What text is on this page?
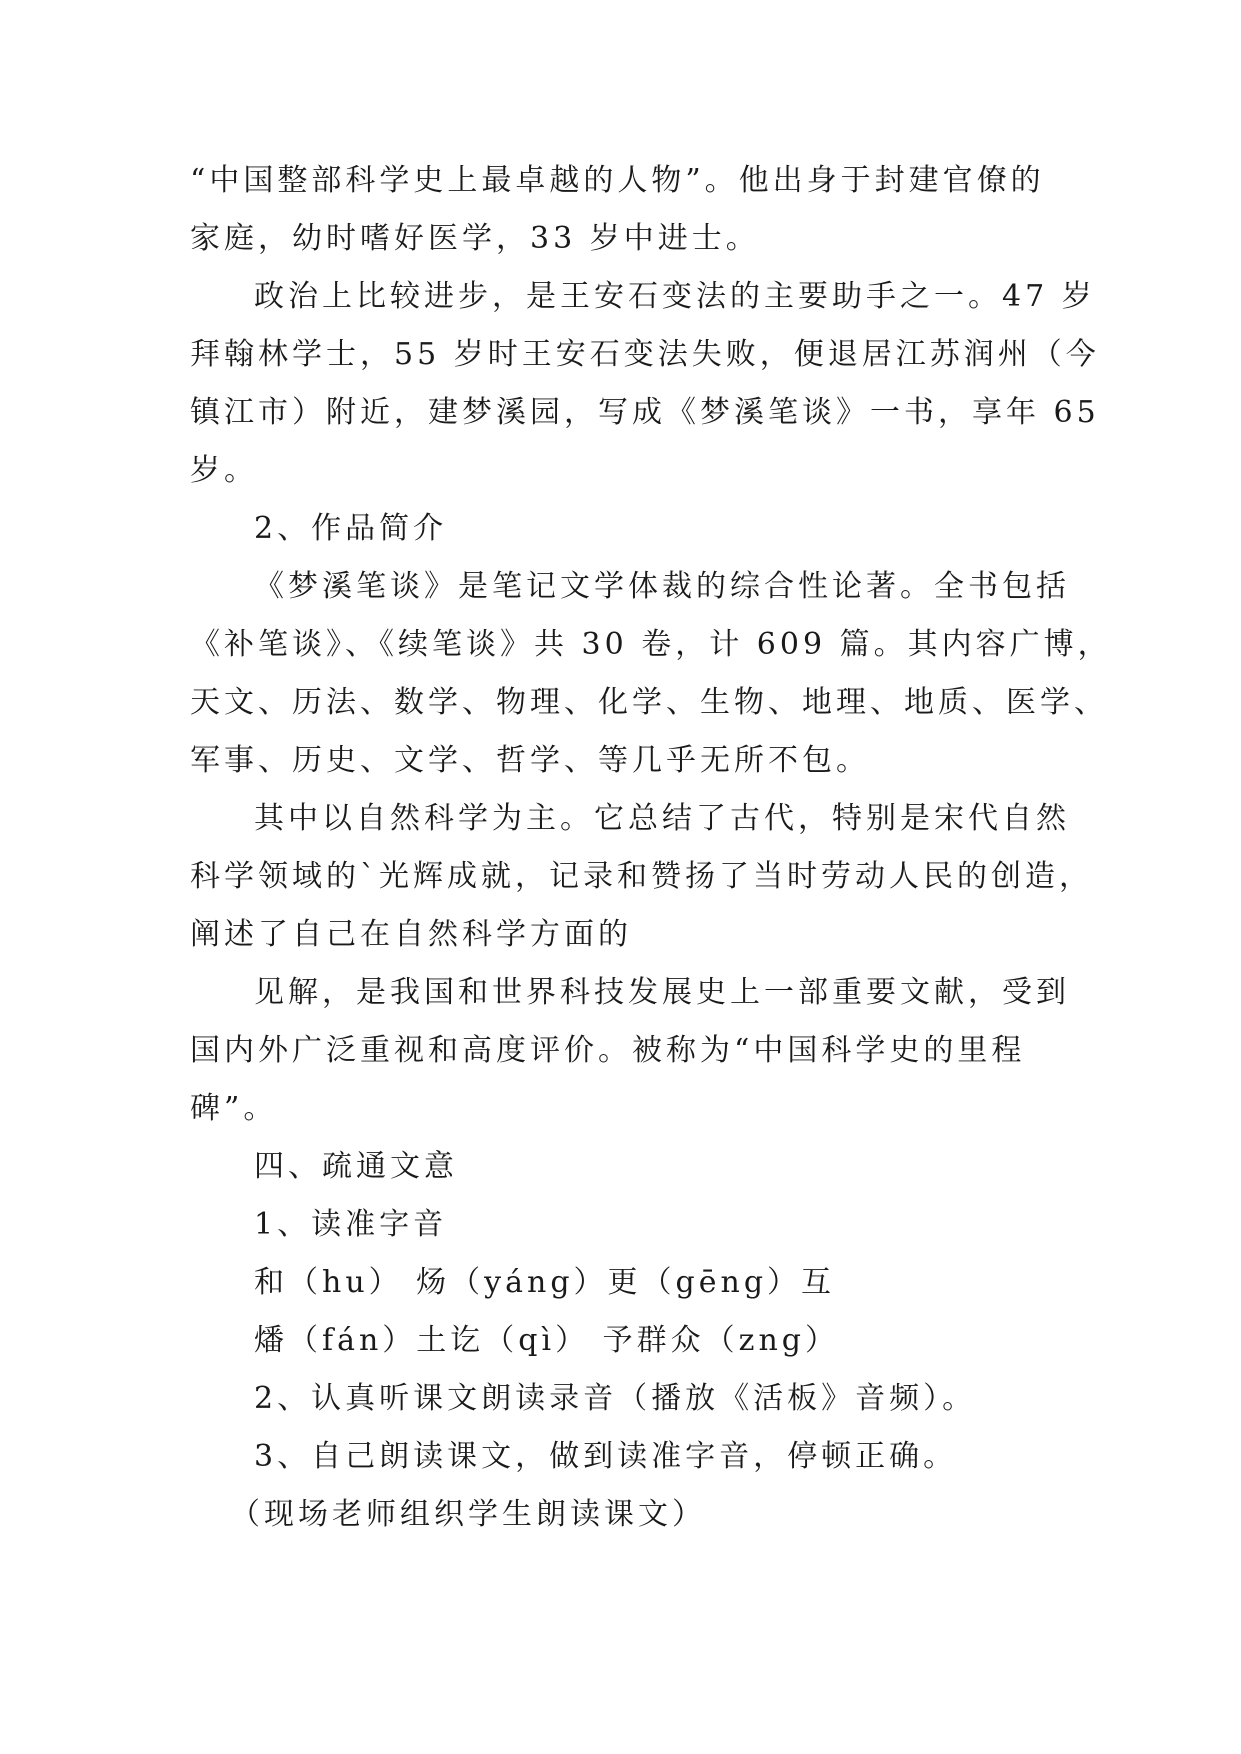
“中国整部科学史上最卓越的人物”。他出身于封建官僚的
家庭，幼时嗜好医学，33 岁中进士。
政治上比较进步，是王安石变法的主要助手之一。47 岁
拜翰林学士，55 岁时王安石变法失败，便退居江苏润州（今
镇江市）附近，建梦溪园，写成《梦溪笔谈》一书，享年 65
岁。
2、作品简介
《梦溪笔谈》是笔记文学体裁的综合性论著。全书包括
《补笔谈》、《续笔谈》共 30 卷，计 609 篇。其内容广博，
天文、历法、数学、物理、化学、生物、地理、地质、医学、
军事、历史、文学、哲学、等几乎无所不包。
其中以自然科学为主。它总结了古代，特别是宋代自然
科学领域的`光辉成就，记录和赞扬了当时劳动人民的创造，
阐述了自己在自然科学方面的
见解，是我国和世界科技发展史上一部重要文献，受到
国内外广泛重视和高度评价。被称为“中国科学史的里程
碑”。
四、疏通文意
1、读准字音
和（hu） 炀（yáng）更（gēng）互
燔（fán）土讫（qì） 予群众（zng）
2、认真听课文朗读录音（播放《活板》音频）。
3、自己朗读课文，做到读准字音，停顿正确。
（现场老师组织学生朗读课文）
